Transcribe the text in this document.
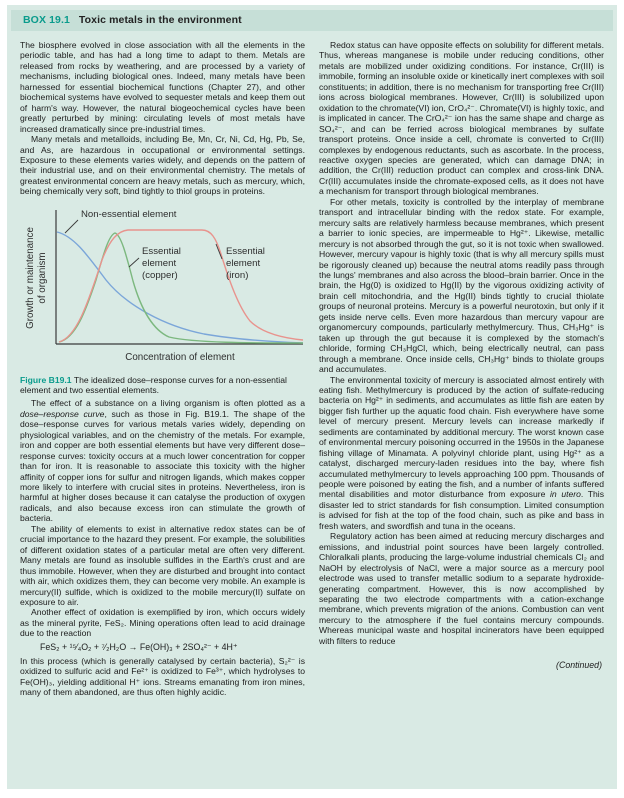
BOX 19.1 Toxic metals in the environment

The biosphere evolved in close association with all the elements in the periodic table, and has had a long time to adapt to them. Metals are released from rocks by weathering, and are processed by a variety of mechanisms, including biological ones. Indeed, many metals have been harnessed for essential biochemical functions (Chapter 27), and other biochemical systems have evolved to sequester metals and keep them out of harm's way. However, the natural biogeochemical cycles have been greatly perturbed by mining: circulating levels of most metals have increased dramatically since pre-industrial times.

Many metals and metalloids, including Be, Mn, Cr, Ni, Cd, Hg, Pb, Se, and As, are hazardous in occupational or environmental settings. Exposure to these elements varies widely, and depends on the pattern of their industrial use, and on their environmental chemistry. The metals of greatest environmental concern are heavy metals, such as mercury, which, being chemically very soft, bind tightly to thiol groups in proteins.

Non-essential element
Essential
element
(copper)
Essential
element
(iron)
Growth or maintenance of organism
Concentration of element
Figure B19.1 The idealized dose–response curves for a non-essential element and two essential elements.

The effect of a substance on a living organism is often plotted as a dose–response curve, such as those in Fig. B19.1. The shape of the dose–response curves for various metals varies widely, depending on physiological variables, and on the chemistry of the metals. For example, iron and copper are both essential elements but have very different dose–response curves: toxicity occurs at a much lower concentration for copper than for iron. It is reasonable to associate this toxicity with the higher affinity of copper ions for sulfur and nitrogen ligands, which makes copper more likely to interfere with crucial sites in proteins. Nevertheless, iron is harmful at higher doses because it can catalyse the production of oxygen radicals, and also because excess iron can stimulate the growth of bacteria.

The ability of elements to exist in alternative redox states can be of crucial importance to the hazard they present. For example, the solubilities of different oxidation states of a particular metal are often very different. Many metals are found as insoluble sulfides in the Earth's crust and are thus immobile. However, when they are disturbed and brought into contact with air, which oxidizes them, they can become very mobile. An example is mercury(II) sulfide, which is oxidized to the mobile mercury(II) sulfate on exposure to air.

Another effect of oxidation is exemplified by iron, which occurs widely as the mineral pyrite, FeS₂. Mining operations often lead to acid drainage due to the reaction

FeS₂ + ¹⁵⁄₄O₂ + ⁷⁄₂H₂O → Fe(OH)₃ + 2SO₄²⁻ + 4H⁺

In this process (which is generally catalysed by certain bacteria), S₂²⁻ is oxidized to sulfuric acid and Fe²⁺ is oxidized to Fe³⁺, which hydrolyses to Fe(OH)₃, yielding additional H⁺ ions. Streams emanating from iron mines, many of them abandoned, are thus often highly acidic.

Redox status can have opposite effects on solubility for different metals. Thus, whereas manganese is mobile under reducing conditions, other metals are mobilized under oxidizing conditions. For instance, Cr(III) is immobile, forming an insoluble oxide or kinetically inert complexes with soil constituents; in addition, there is no mechanism for transporting free Cr(III) ions across biological membranes. However, Cr(III) is solubilized upon oxidation to the chromate(VI) ion, CrO₄²⁻. Chromate(VI) is highly toxic, and is implicated in cancer. The CrO₄²⁻ ion has the same shape and charge as SO₄²⁻, and can be ferried across biological membranes by sulfate transport proteins. Once inside a cell, chromate is converted to Cr(III) complexes by endogenous reductants, such as ascorbate. In the process, reactive oxygen species are generated, which can damage DNA; in addition, the Cr(III) reduction product can complex and cross-link DNA. Cr(III) accumulates inside the chromate-exposed cells, as it does not have a mechanism for transport through biological membranes.

For other metals, toxicity is controlled by the interplay of membrane transport and intracellular binding with the redox state. For example, mercury salts are relatively harmless because membranes, which present a barrier to ionic species, are impermeable to Hg²⁺. Likewise, metallic mercury is not absorbed through the gut, so it is not toxic when swallowed. However, mercury vapour is highly toxic (that is why all mercury spills must be rigorously cleaned up) because the neutral atoms readily pass through the lungs' membranes and also across the blood–brain barrier. Once in the brain, the Hg(0) is oxidized to Hg(II) by the vigorous oxidizing activity of brain cell mitochondria, and the Hg(II) binds tightly to crucial thiolate groups of neuronal proteins. Mercury is a powerful neurotoxin, but only if it gets inside nerve cells. Even more hazardous than mercury vapour are organomercury compounds, particularly methylmercury. Thus, CH₃Hg⁺ is taken up through the gut because it is complexed by the stomach's chloride, forming CH₃HgCl, which, being electrically neutral, can pass through a membrane. Once inside cells, CH₃Hg⁺ binds to thiolate groups and accumulates.

The environmental toxicity of mercury is associated almost entirely with eating fish. Methylmercury is produced by the action of sulfate-reducing bacteria on Hg²⁺ in sediments, and accumulates as little fish are eaten by bigger fish further up the aquatic food chain. Fish everywhere have some level of mercury present. Mercury levels can increase markedly if sediments are contaminated by additional mercury. The worst known case of environmental mercury poisoning occurred in the 1950s in the Japanese fishing village of Minamata. A polyvinyl chloride plant, using Hg²⁺ as a catalyst, discharged mercury-laden residues into the bay, where fish accumulated methylmercury to levels approaching 100 ppm. Thousands of people were poisoned by eating the fish, and a number of infants suffered mental disabilities and motor disturbance from exposure in utero. This disaster led to strict standards for fish consumption. Limited consumption is advised for fish at the top of the food chain, such as pike and bass in fresh waters, and swordfish and tuna in the oceans.

Regulatory action has been aimed at reducing mercury discharges and emissions, and industrial point sources have been largely controlled. Chloralkali plants, producing the large-volume industrial chemicals Cl₂ and NaOH by electrolysis of NaCl, were a major source as a mercury pool electrode was used to transfer metallic sodium to a separate hydroxide-generating compartment. However, this is now accomplished by separating the two electrode compartments with a cation-exchange membrane, which prevents migration of the anions. Combustion can vent mercury to the atmosphere if the fuel contains mercury compounds. Whereas municipal waste and hospital incinerators have been equipped with filters to reduce

(Continued)
